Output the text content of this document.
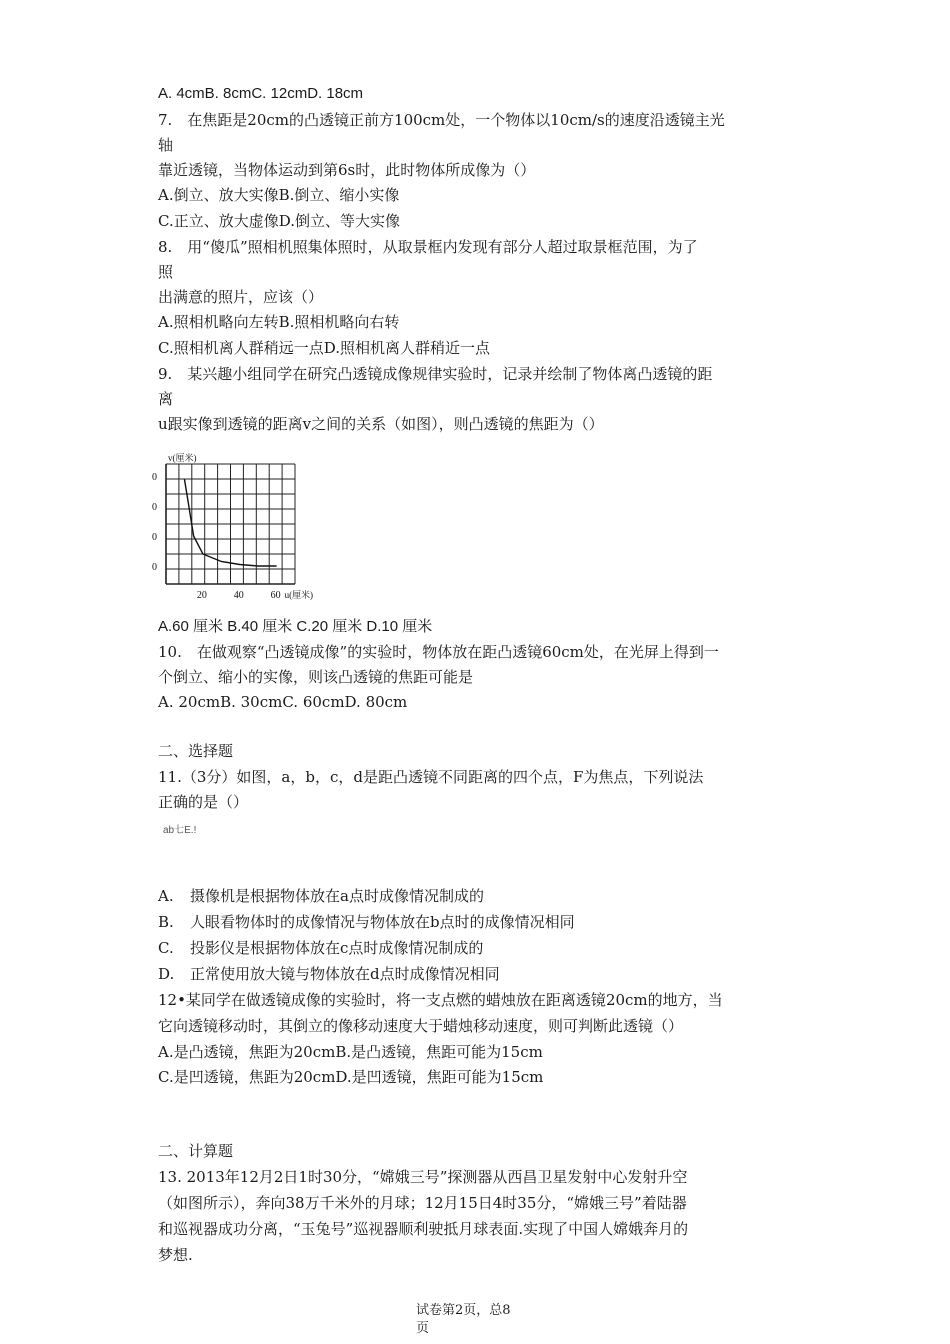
A. 4cmB. 8cmC. 12cmD. 18cm
7.　在焦距是20cm的凸透镜正前方100cm处，一个物体以10cm/s的速度沿透镜主光
轴
靠近透镜，当物体运动到第6s时，此时物体所成像为（）
A.倒立、放大实像B.倒立、缩小实像
C.正立、放大虚像D.倒立、等大实像
8.　用“傻瓜”照相机照集体照时，从取景框内发现有部分人超过取景框范围，为了
照
出满意的照片，应该（）
A.照相机略向左转B.照相机略向右转
C.照相机离人群稍远一点D.照相机离人群稍近一点
9.　某兴趣小组同学在研究凸透镜成像规律实验时，记录并绘制了物体离凸透镜的距
离
u跟实像到透镜的距离v之间的关系（如图），则凸透镜的焦距为（）
v(厘米)
0
0
0
0
20	40	60 u(厘米)
A.60 厘米 B.40 厘米 C.20 厘米 D.10 厘米
10.　在做观察“凸透镜成像”的实验时，物体放在距凸透镜60cm处，在光屏上得到一
个倒立、缩小的实像，则该凸透镜的焦距可能是
A. 20cmB. 30cmC. 60cmD. 80cm
二、选择题
11.（3分）如图，a，b，c，d是距凸透镜不同距离的四个点，F为焦点，下列说法
正确的是（）
ab七E.!
A. 摄像机是根据物体放在a点时成像情况制成的
B. 人眼看物体时的成像情况与物体放在b点时的成像情况相同
C. 投影仪是根据物体放在c点时成像情况制成的
D. 正常使用放大镜与物体放在d点时成像情况相同
12•某同学在做透镜成像的实验时，将一支点燃的蜡烛放在距离透镜20cm的地方，当
它向透镜移动时，其倒立的像移动速度大于蜡烛移动速度，则可判断此透镜（）
A.是凸透镜，焦距为20cmB.是凸透镜，焦距可能为15cm
C.是凹透镜，焦距为20cmD.是凹透镜，焦距可能为15cm
二、计算题
13. 2013年12月2日1时30分，“嫦娥三号”探测器从西昌卫星发射中心发射升空
（如图所示），奔向38万千米外的月球；12月15日4时35分，“嫦娥三号”着陆器
和巡视器成功分离，“玉兔号”巡视器顺利驶抵月球表面.实现了中国人嫦娥奔月的
梦想.
试卷第2页，总8
页
